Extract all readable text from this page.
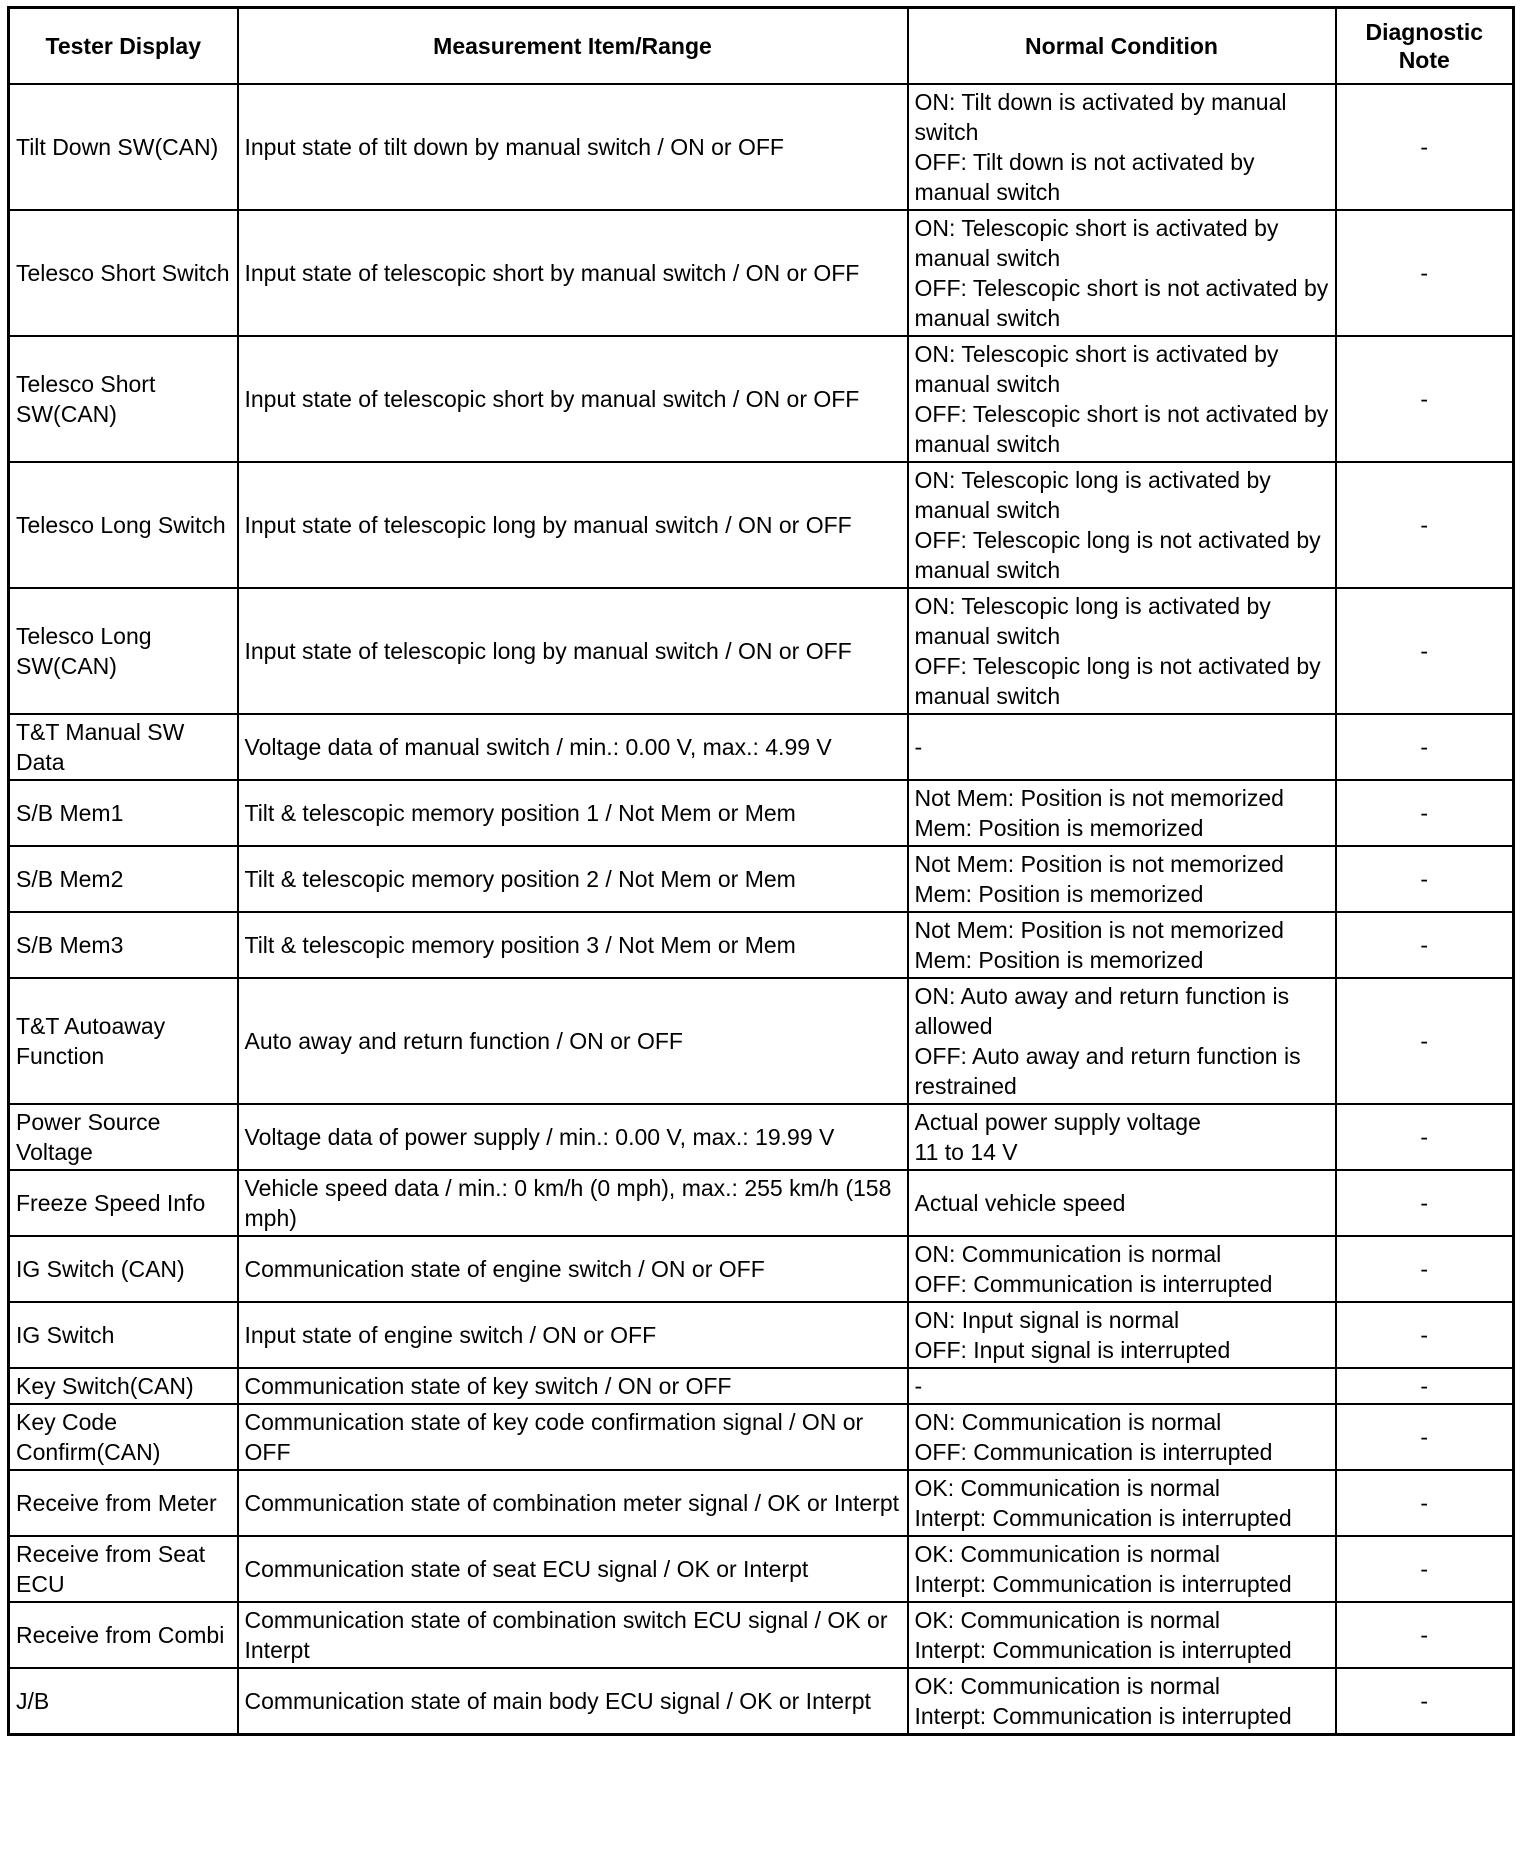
Tester Display	Measurement Item/Range	Normal Condition	Diagnostic Note
Tilt Down SW(CAN)	Input state of tilt down by manual switch / ON or OFF	ON: Tilt down is activated by manual switch
OFF: Tilt down is not activated by manual switch	-
Telesco Short Switch	Input state of telescopic short by manual switch / ON or OFF	ON: Telescopic short is activated by manual switch
OFF: Telescopic short is not activated by manual switch	-
Telesco Short SW(CAN)	Input state of telescopic short by manual switch / ON or OFF	ON: Telescopic short is activated by manual switch
OFF: Telescopic short is not activated by manual switch	-
Telesco Long Switch	Input state of telescopic long by manual switch / ON or OFF	ON: Telescopic long is activated by manual switch
OFF: Telescopic long is not activated by manual switch	-
Telesco Long SW(CAN)	Input state of telescopic long by manual switch / ON or OFF	ON: Telescopic long is activated by manual switch
OFF: Telescopic long is not activated by manual switch	-
T&T Manual SW Data	Voltage data of manual switch / min.: 0.00 V, max.: 4.99 V	-	-
S/B Mem1	Tilt & telescopic memory position 1 / Not Mem or Mem	Not Mem: Position is not memorized
Mem: Position is memorized	-
S/B Mem2	Tilt & telescopic memory position 2 / Not Mem or Mem	Not Mem: Position is not memorized
Mem: Position is memorized	-
S/B Mem3	Tilt & telescopic memory position 3 / Not Mem or Mem	Not Mem: Position is not memorized
Mem: Position is memorized	-
T&T Autoaway Function	Auto away and return function / ON or OFF	ON: Auto away and return function is allowed
OFF: Auto away and return function is restrained	-
Power Source Voltage	Voltage data of power supply / min.: 0.00 V, max.: 19.99 V	Actual power supply voltage
11 to 14 V	-
Freeze Speed Info	Vehicle speed data / min.: 0 km/h (0 mph), max.: 255 km/h (158 mph)	Actual vehicle speed	-
IG Switch (CAN)	Communication state of engine switch / ON or OFF	ON: Communication is normal
OFF: Communication is interrupted	-
IG Switch	Input state of engine switch / ON or OFF	ON: Input signal is normal
OFF: Input signal is interrupted	-
Key Switch(CAN)	Communication state of key switch / ON or OFF	-	-
Key Code Confirm(CAN)	Communication state of key code confirmation signal / ON or OFF	ON: Communication is normal
OFF: Communication is interrupted	-
Receive from Meter	Communication state of combination meter signal / OK or Interpt	OK: Communication is normal
Interpt: Communication is interrupted	-
Receive from Seat ECU	Communication state of seat ECU signal / OK or Interpt	OK: Communication is normal
Interpt: Communication is interrupted	-
Receive from Combi	Communication state of combination switch ECU signal / OK or Interpt	OK: Communication is normal
Interpt: Communication is interrupted	-
J/B	Communication state of main body ECU signal / OK or Interpt	OK: Communication is normal
Interpt: Communication is interrupted	-
